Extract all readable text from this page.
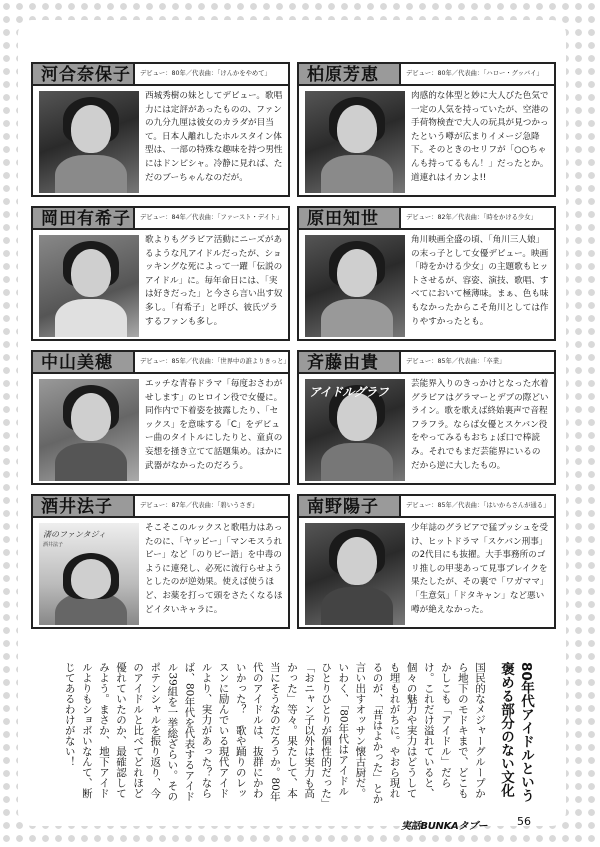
河合奈保子 デビュー：80年／代表曲：「けんかをやめて」

西城秀樹の妹としてデビュー。歌唱力には定評があったものの、ファンの九分九厘は彼女のカラダが目当て。日本人離れしたホルスタイン体型は、一部の特殊な趣味を持つ男性にはドンピシャ。冷静に見れば、ただのブーちゃんなのだが。

柏原芳恵	デビュー：80年／代表曲：「ハロー・グッバイ」

肉感的な体型と妙に大人びた色気で一定の人気を持っていたが、空港の手荷物検査で大人の玩具が見つかったという噂が広まりイメージ急降下。そのときのセリフが「○○ちゃんも持ってるもん！」だったとか。道連れはイカンよ!!

岡田有希子 デビュー：84年／代表曲：「ファースト・デイト」

歌よりもグラビア活動にニーズがあるような凡アイドルだったが、ショッキングな死によって一躍「伝説のアイドル」に。毎年命日には、「実は好きだった」と今さら言い出す奴多し。「有希子」と呼び、彼氏ヅラするファンも多し。

原田知世	デビュー：82年／代表曲：「時をかける少女」

角川映画全盛の頃、「角川三人娘」の末っ子として女優デビュー。映画「時をかける少女」の主題歌もヒットさせるが、容姿、演技、歌唱、すべてにおいて極薄味。まぁ、色も味もなかったからこそ角川としては作りやすかったとも。

中山美穂	デビュー：85年／代表曲：「世界中の誰よりきっと」

エッチな青春ドラマ「毎度おさわがせします」のヒロイン役で女優に。同作内で下着姿を披露したり、「セックス」を意味する「C」をデビュー曲のタイトルにしたりと、童貞の妄想を掻き立てて話題集め。ほかに武器がなかったのだろう。

斉藤由貴	デビュー：85年／代表曲：「卒業」
アイドルグラフ

芸能界入りのきっかけとなった水着グラビアはグラマーとデブの際どいライン。歌を歌えば終始裏声で音程フラフラ。ならば女優とスケバン役をやってみるもおちょぼ口で棒読み。それでもまだ芸能界にいるのだから逆に大したもの。

酒井法子	デビュー：87年／代表曲：「碧いうさぎ」
渚のファンタジィ
酒井法子

そこそこのルックスと歌唱力はあったのに、「ヤッピー」「マンモスうれピー」など「のりピー語」を中毒のように連発し、必死に流行らせようとしたのが逆効果。使えば使うほど、お薬を打って頭をさたくなるほどイタいキャラに。

南野陽子	デビュー：85年／代表曲：「はいからさんが通る」

少年誌のグラビアで猛プッシュを受け、ヒットドラマ「スケバン刑事」の2代目にも抜擢。大手事務所のゴリ推しの甲斐あって見事ブレイクを果たしたが、その裏で「ワガママ」「生意気」「ドタキャン」など悪い噂が絶えなかった。

80年代アイドルという
褒める部分のない文化

国民的なメジャーグループから地下のモドキまで、どこもかしこも「アイドル」だらけ。これだけ溢れていると、個々の魅力や実力はどうしても埋もれがちに。やおら現れるのが、「昔はよかった」とか言い出すオッサン懐古厨だ。いわく、「80年代はアイドルひとりひとりが個性的だった」「おニャン子以外は実力も高かった」等々。果たして、本当にそうなのだろうか。80年代のアイドルは、抜群にかわいかった？　歌や踊りのレッスンに励んでいる現代アイドルより、実力があった？ならば、80年代を代表するアイドル39組を一挙総ざらい。そのポテンシャルを振り返り、今のアイドルと比べてどれほど優れていたのか、最確認してみよう。まさか、地下アイドルよりもショボいなんて、断じてあるわけがない！

実話BUNKAタブー	56
